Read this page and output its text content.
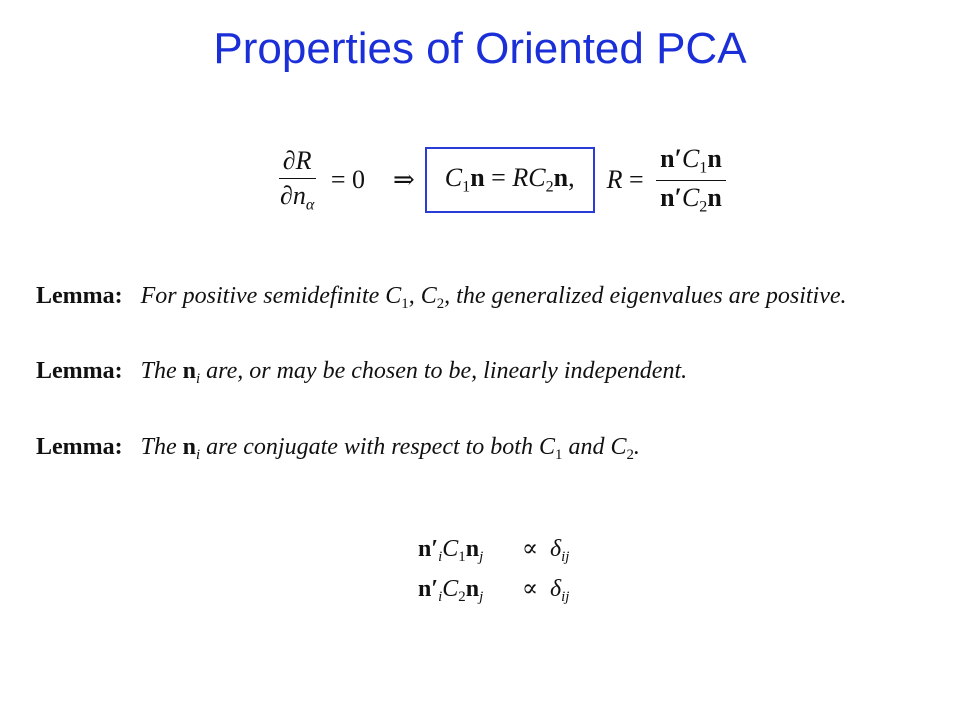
Properties of Oriented PCA
$\frac{\partial R}{\partial n_\alpha} = 0$ ⇒	$C_1n = RC_2n$,	$R = \frac{n'C_1n}{n'C_2n}$
Lemma: For positive semidefinite $C_1$, $C_2$, the generalized eigenvalues are positive.
Lemma: The $n_i$ are, or may be chosen to be, linearly independent.
Lemma: The $n_i$ are conjugate with respect to both $C_1$ and $C_2$.
$n'_iC_1n_j$	∝ $\delta_{ij}$
$n'_iC_2n_j$	∝ $\delta_{ij}$
